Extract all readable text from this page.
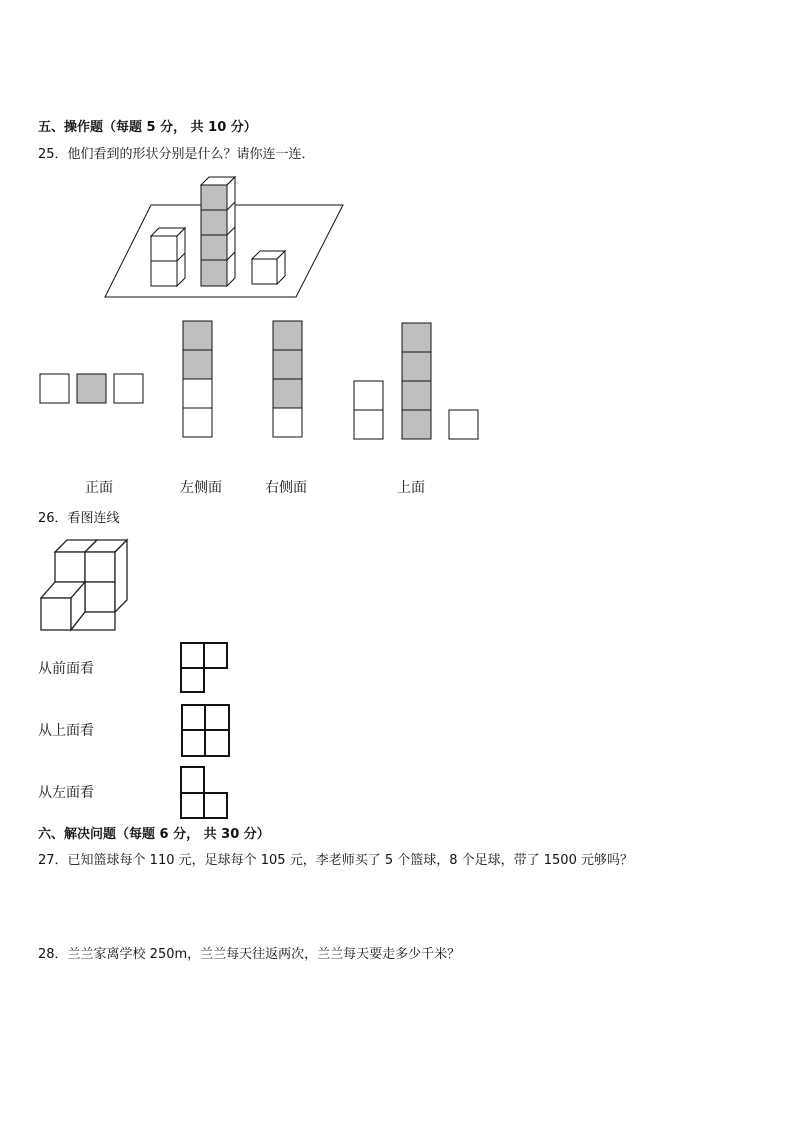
五、操作题（每题 5 分， 共 10 分）
25．他们看到的形状分别是什么？请你连一连．
正面	左侧面	右侧面	上面
26．看图连线
从前面看
从上面看
从左面看
六、解决问题（每题 6 分， 共 30 分）
27．已知篮球每个 110 元，足球每个 105 元，李老师买了 5 个篮球，8 个足球，带了 1500 元够吗？
28．兰兰家离学校 250m，兰兰每天往返两次，兰兰每天要走多少千米？
